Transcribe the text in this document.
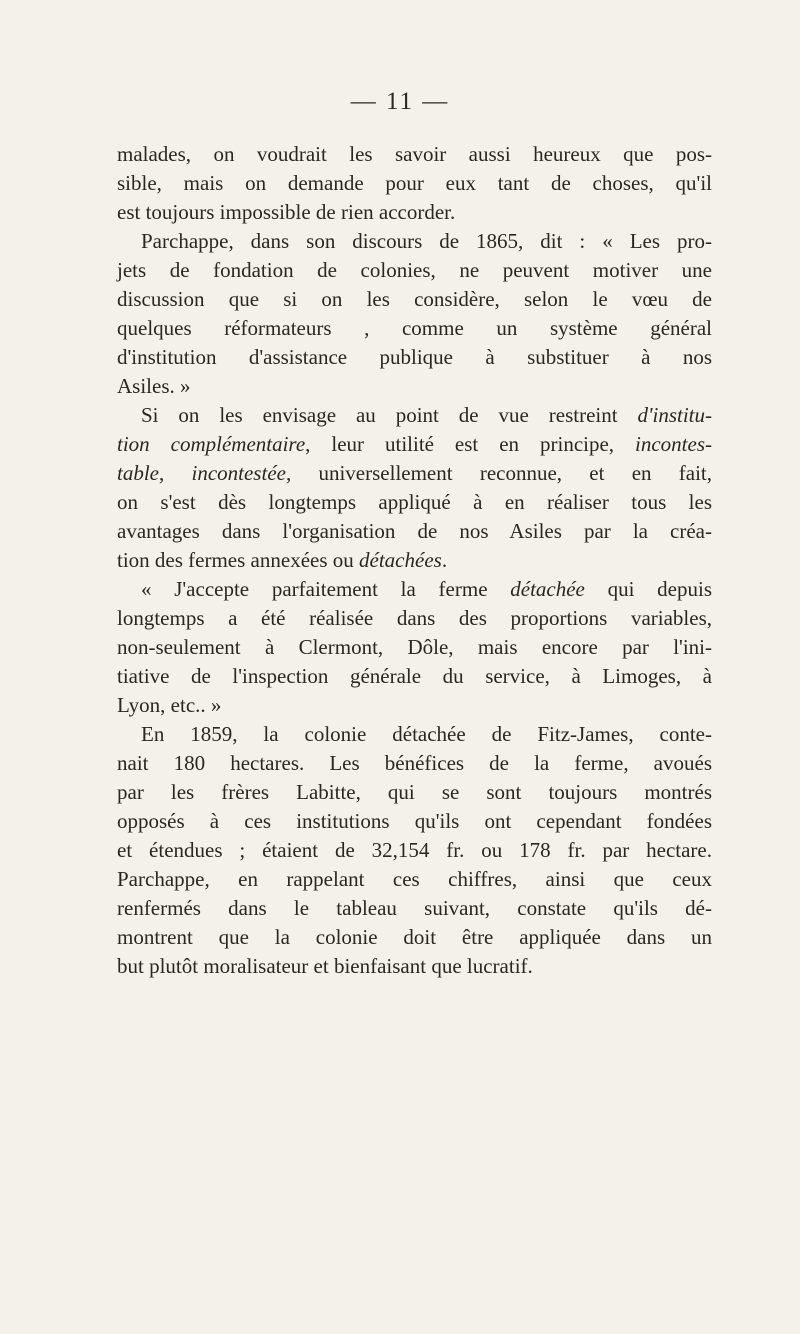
— 11 —
malades, on voudrait les savoir aussi heureux que pos-
sible, mais on demande pour eux tant de choses, qu'il
est toujours impossible de rien accorder.
Parchappe, dans son discours de 1865, dit : « Les pro-
jets de fondation de colonies, ne peuvent motiver une
discussion que si on les considère, selon le vœu de
quelques réformateurs , comme un système général
d'institution d'assistance publique à substituer à nos
Asiles. »
Si on les envisage au point de vue restreint d'institu-
tion complémentaire, leur utilité est en principe, incontes-
table, incontestée, universellement reconnue, et en fait,
on s'est dès longtemps appliqué à en réaliser tous les
avantages dans l'organisation de nos Asiles par la créa-
tion des fermes annexées ou détachées.
« J'accepte parfaitement la ferme détachée qui depuis
longtemps a été réalisée dans des proportions variables,
non-seulement à Clermont, Dôle, mais encore par l'ini-
tiative de l'inspection générale du service, à Limoges, à
Lyon, etc.. »
En 1859, la colonie détachée de Fitz-James, conte-
nait 180 hectares. Les bénéfices de la ferme, avoués
par les frères Labitte, qui se sont toujours montrés
opposés à ces institutions qu'ils ont cependant fondées
et étendues ; étaient de 32,154 fr. ou 178 fr. par hectare.
Parchappe, en rappelant ces chiffres, ainsi que ceux
renfermés dans le tableau suivant, constate qu'ils dé-
montrent que la colonie doit être appliquée dans un
but plutôt moralisateur et bienfaisant que lucratif.
